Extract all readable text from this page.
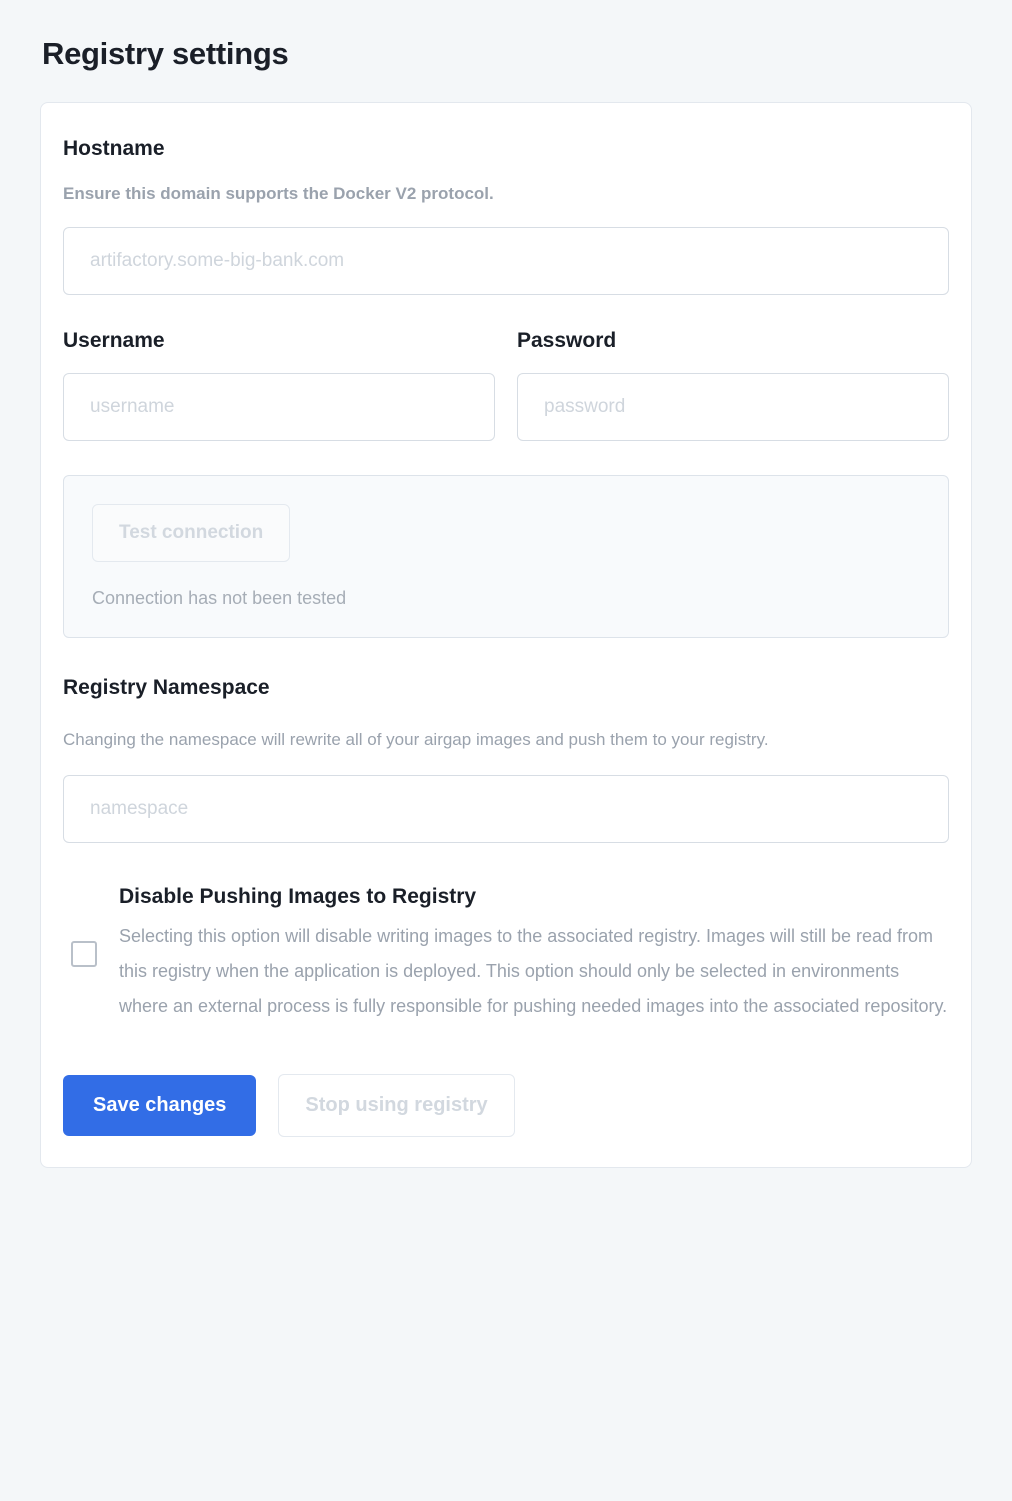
Registry settings
Hostname

Ensure this domain supports the Docker V2 protocol.

artifactory.some-big-bank.com
Username
username	Password
Test connection
Connection has not been tested
Registry Namespace

Changing the namespace will rewrite all of your airgap images and push them to your registry.

namespace
Disable Pushing Images to Registry

Selecting this option will disable writing images to the associated registry. Images will still be read from this registry when the application is deployed. This option should only be selected in environments where an external process is fully responsible for pushing needed images into the associated repository.

Save changes	Stop using registry
